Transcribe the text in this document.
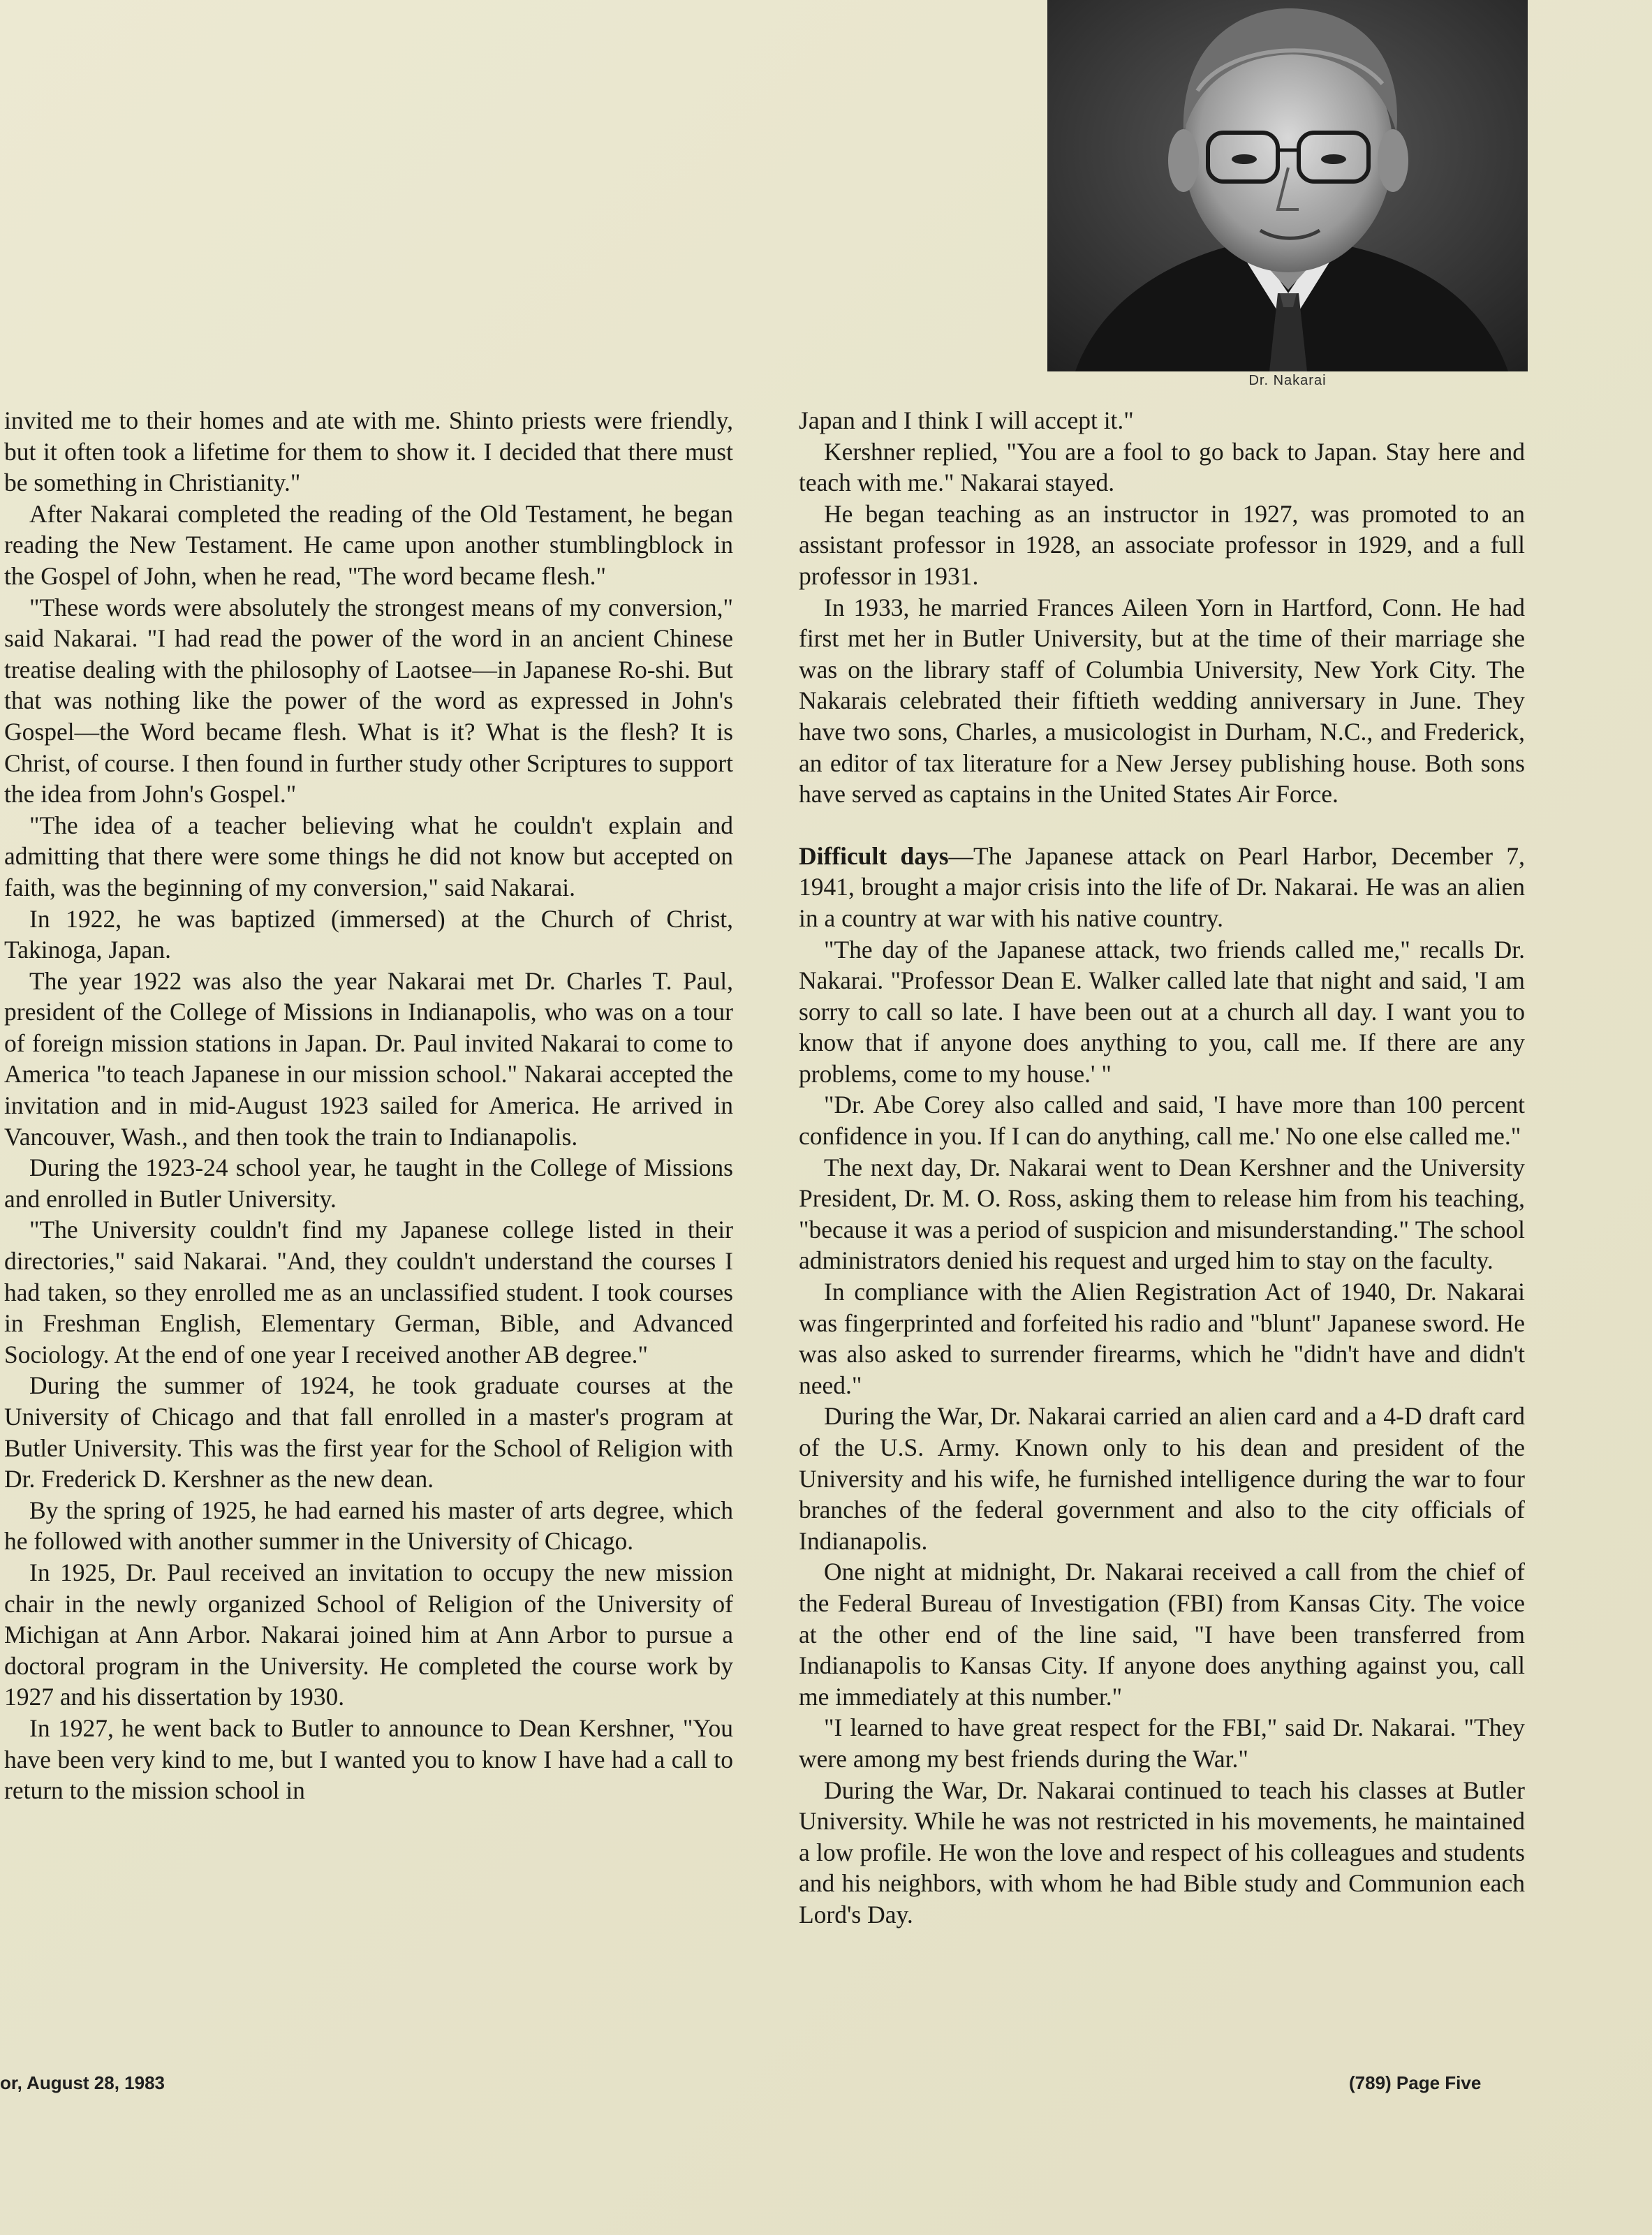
Dr. Nakarai

invited me to their homes and ate with me. Shinto priests were friendly, but it often took a lifetime for them to show it. I decided that there must be something in Christianity."

After Nakarai completed the reading of the Old Testament, he began reading the New Testament. He came upon another stumblingblock in the Gospel of John, when he read, "The word became flesh."

"These words were absolutely the strongest means of my conversion," said Nakarai. "I had read the power of the word in an ancient Chinese treatise dealing with the philosophy of Laotsee—in Japanese Ro-shi. But that was nothing like the power of the word as expressed in John's Gospel—the Word became flesh. What is it? What is the flesh? It is Christ, of course. I then found in further study other Scriptures to support the idea from John's Gospel."

"The idea of a teacher believing what he couldn't explain and admitting that there were some things he did not know but accepted on faith, was the beginning of my conversion," said Nakarai.

In 1922, he was baptized (immersed) at the Church of Christ, Takinoga, Japan.

The year 1922 was also the year Nakarai met Dr. Charles T. Paul, president of the College of Missions in Indianapolis, who was on a tour of foreign mission stations in Japan. Dr. Paul invited Nakarai to come to America "to teach Japanese in our mission school." Nakarai accepted the invitation and in mid-August 1923 sailed for America. He arrived in Vancouver, Wash., and then took the train to Indianapolis.

During the 1923-24 school year, he taught in the College of Missions and enrolled in Butler University.

"The University couldn't find my Japanese college listed in their directories," said Nakarai. "And, they couldn't understand the courses I had taken, so they enrolled me as an unclassified student. I took courses in Freshman English, Elementary German, Bible, and Advanced Sociology. At the end of one year I received another AB degree."

During the summer of 1924, he took graduate courses at the University of Chicago and that fall enrolled in a master's program at Butler University. This was the first year for the School of Religion with Dr. Frederick D. Kershner as the new dean.

By the spring of 1925, he had earned his master of arts degree, which he followed with another summer in the University of Chicago.

In 1925, Dr. Paul received an invitation to occupy the new mission chair in the newly organized School of Religion of the University of Michigan at Ann Arbor. Nakarai joined him at Ann Arbor to pursue a doctoral program in the University. He completed the course work by 1927 and his dissertation by 1930.

In 1927, he went back to Butler to announce to Dean Kershner, "You have been very kind to me, but I wanted you to know I have had a call to return to the mission school in

Japan and I think I will accept it."

Kershner replied, "You are a fool to go back to Japan. Stay here and teach with me." Nakarai stayed.

He began teaching as an instructor in 1927, was promoted to an assistant professor in 1928, an associate professor in 1929, and a full professor in 1931.

In 1933, he married Frances Aileen Yorn in Hartford, Conn. He had first met her in Butler University, but at the time of their marriage she was on the library staff of Columbia University, New York City. The Nakarais celebrated their fiftieth wedding anniversary in June. They have two sons, Charles, a musicologist in Durham, N.C., and Frederick, an editor of tax literature for a New Jersey publishing house. Both sons have served as captains in the United States Air Force.

Difficult days—The Japanese attack on Pearl Harbor, December 7, 1941, brought a major crisis into the life of Dr. Nakarai. He was an alien in a country at war with his native country.

"The day of the Japanese attack, two friends called me," recalls Dr. Nakarai. "Professor Dean E. Walker called late that night and said, 'I am sorry to call so late. I have been out at a church all day. I want you to know that if anyone does anything to you, call me. If there are any problems, come to my house.' "

"Dr. Abe Corey also called and said, 'I have more than 100 percent confidence in you. If I can do anything, call me.' No one else called me."

The next day, Dr. Nakarai went to Dean Kershner and the University President, Dr. M. O. Ross, asking them to release him from his teaching, "because it was a period of suspicion and misunderstanding." The school administrators denied his request and urged him to stay on the faculty.

In compliance with the Alien Registration Act of 1940, Dr. Nakarai was fingerprinted and forfeited his radio and "blunt" Japanese sword. He was also asked to surrender firearms, which he "didn't have and didn't need."

During the War, Dr. Nakarai carried an alien card and a 4-D draft card of the U.S. Army. Known only to his dean and president of the University and his wife, he furnished intelligence during the war to four branches of the federal government and also to the city officials of Indianapolis.

One night at midnight, Dr. Nakarai received a call from the chief of the Federal Bureau of Investigation (FBI) from Kansas City. The voice at the other end of the line said, "I have been transferred from Indianapolis to Kansas City. If anyone does anything against you, call me immediately at this number."

"I learned to have great respect for the FBI," said Dr. Nakarai. "They were among my best friends during the War."

During the War, Dr. Nakarai continued to teach his classes at Butler University. While he was not restricted in his movements, he maintained a low profile. He won the love and respect of his colleagues and students and his neighbors, with whom he had Bible study and Communion each Lord's Day.

or, August 28, 1983	(789) Page Five
